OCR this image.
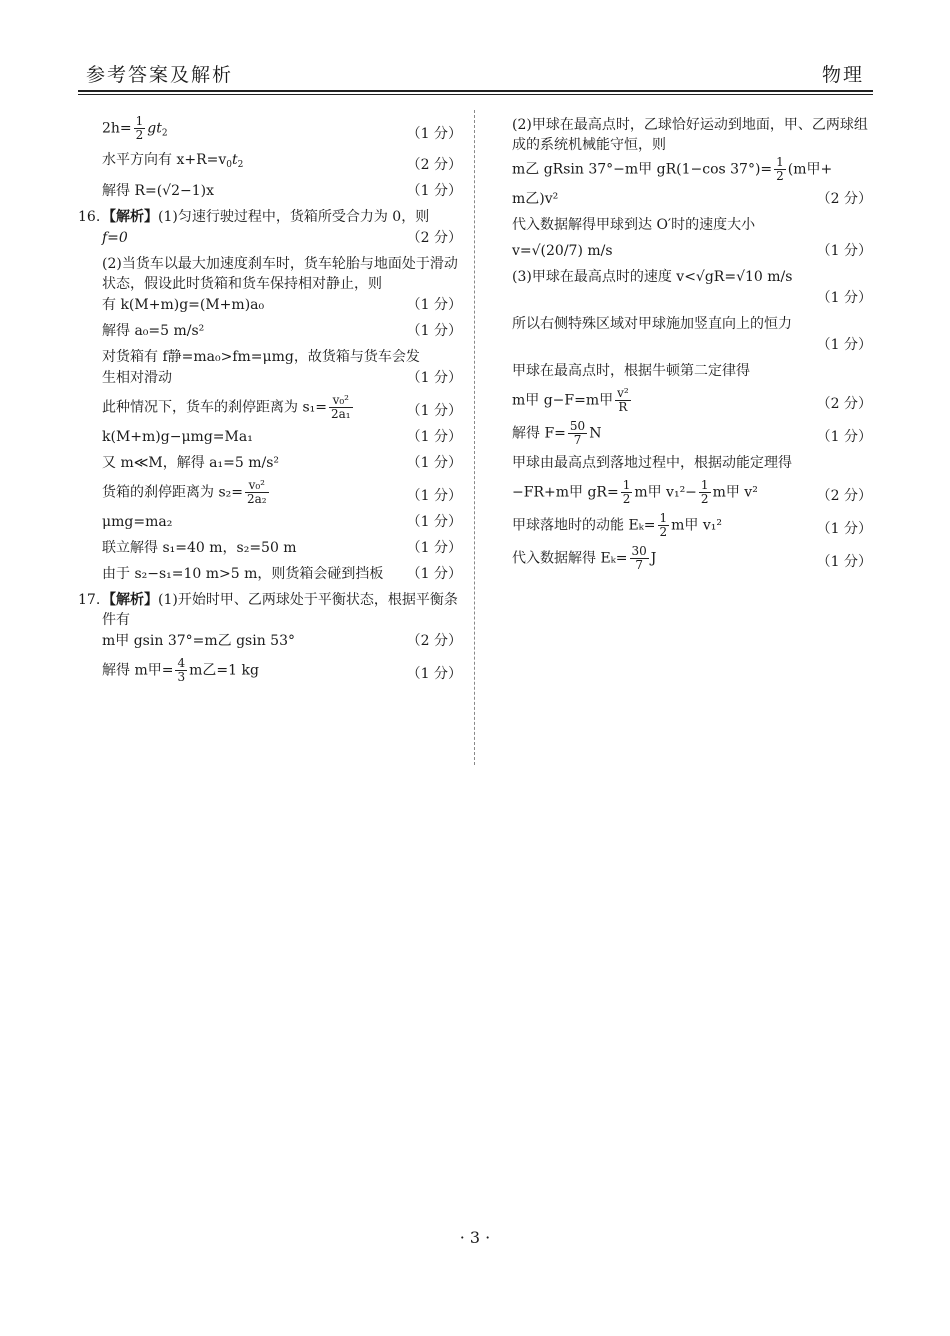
参考答案及解析	物理
$2h= \frac{1}{2} gt_2$	（1 分）
水平方向有 $x+R=v_0t_2$	（2 分）
解得 R=(√2−1)x	（1 分）
16. 【解析】(1)匀速行驶过程中，货箱所受合力为 0，则
f=0	（2 分）
(2)当货车以最大加速度刹车时，货车轮胎与地面处于滑动状态，假设此时货箱和货车保持相对静止，则
有 k(M+m)g=(M+m)a₀	（1 分）
解得 a₀=5 m/s²	（1 分）
对货箱有 f静=ma₀>fm=μmg，故货箱与货车会发
生相对滑动	（1 分）
此种情况下，货车的刹停距离为 $s_1= \frac{\text{v₀²}}{\text{2a₁}}$	（1 分）
k(M+m)g−μmg=Ma₁	（1 分）
又 m≪M，解得 a₁=5 m/s²	（1 分）
货箱的刹停距离为 $s_2= \frac{\text{v₀²}}{\text{2a₂}}$	（1 分）
μmg=ma₂	（1 分）
联立解得 s₁=40 m，s₂=50 m	（1 分）
由于 s₂−s₁=10 m>5 m，则货箱会碰到挡板 （1 分）
17. 【解析】(1)开始时甲、乙两球处于平衡状态，根据平衡条件有
m甲 gsin 37°=m乙 gsin 53°	（2 分）
解得 m甲= $\frac{4}{3}$ m乙=1 kg	（1 分）
(2)甲球在最高点时，乙球恰好运动到地面，甲、乙两球组成的系统机械能守恒，则
m乙 gRsin 37°−m甲 gR(1−cos $37^\circ)= \frac{1}{2} (m$甲+
m乙)v²	（2 分）
代入数据解得甲球到达 O′时的速度大小
v=√(20/7) m/s	（1 分）
(3)甲球在最高点时的速度 v<√gR=√10 m/s
（1 分）
所以右侧特殊区域对甲球施加竖直向上的恒力
（1 分）
甲球在最高点时，根据牛顿第二定律得
m甲 g−F=m甲 $\frac{\text{v²}}{R}$	（2 分）
解得 $F= \frac{50}{7}$ N	（1 分）
甲球由最高点到落地过程中，根据动能定理得
−FR+m甲 $gR= \frac{1}{2}$ m甲 $v_1^2- \frac{1}{2}$ m甲 v²	（2 分）
甲球落地时的动能 $E_k= \frac{1}{2}$ m甲 v₁²	（1 分）
代入数据解得 $E_k= \frac{30}{7}$ J	（1 分）
· 3 ·
